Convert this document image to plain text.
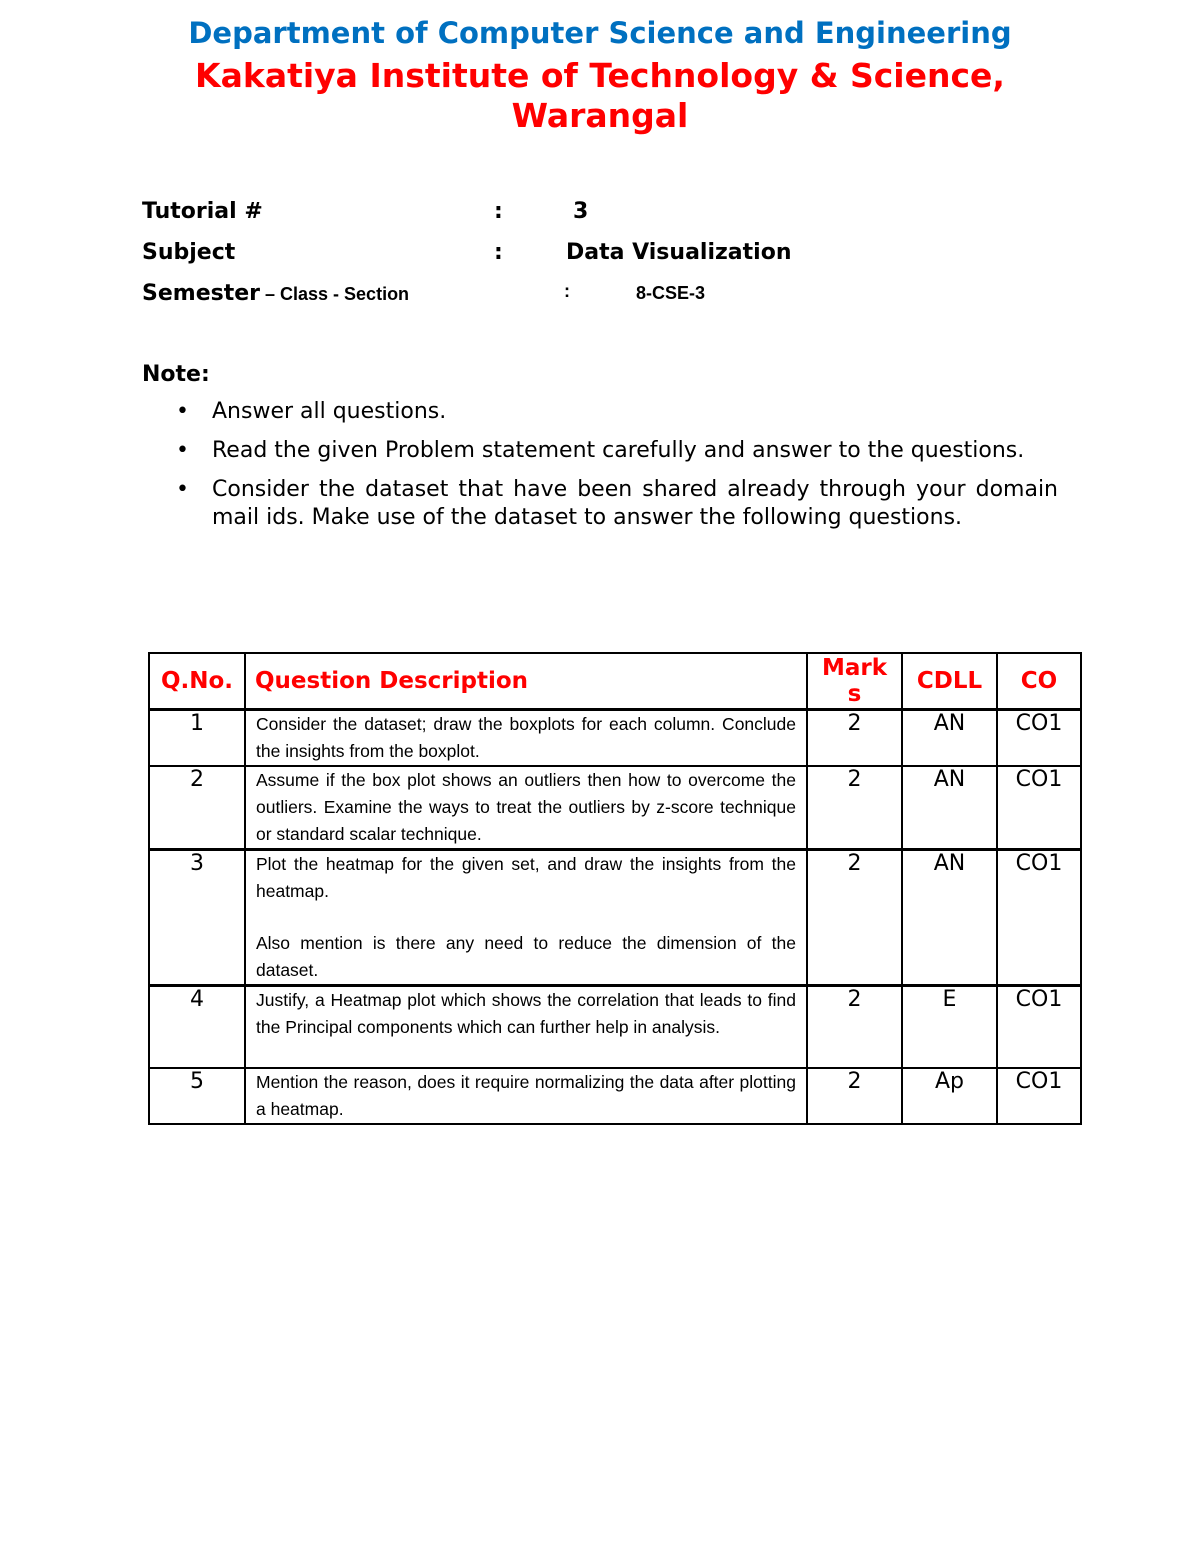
Department of Computer Science and Engineering
Kakatiya Institute of Technology & Science,
Warangal
Tutorial #	:	3
Subject	:	Data Visualization
Semester – Class - Section	:	8-CSE-3
Note:
• Answer all questions.
• Read the given Problem statement carefully and answer to the questions.
• Consider the dataset that have been shared already through your domain mail ids. Make use of the dataset to answer the following questions.
Q.No.	Question Description	Marks	CDLL	CO
1	Consider the dataset; draw the boxplots for each column. Conclude the insights from the boxplot.	2	AN	CO1
2	Assume if the box plot shows an outliers then how to overcome the outliers. Examine the ways to treat the outliers by z-score technique or standard scalar technique.	2	AN	CO1
3	Plot the heatmap for the given set, and draw the insights from the heatmap.

Also mention is there any need to reduce the dimension of the dataset.	2	AN	CO1
4	Justify, a Heatmap plot which shows the correlation that leads to find the Principal components which can further help in analysis.	2	E	CO1
5	Mention the reason, does it require normalizing the data after plotting a heatmap.	2	Ap	CO1
